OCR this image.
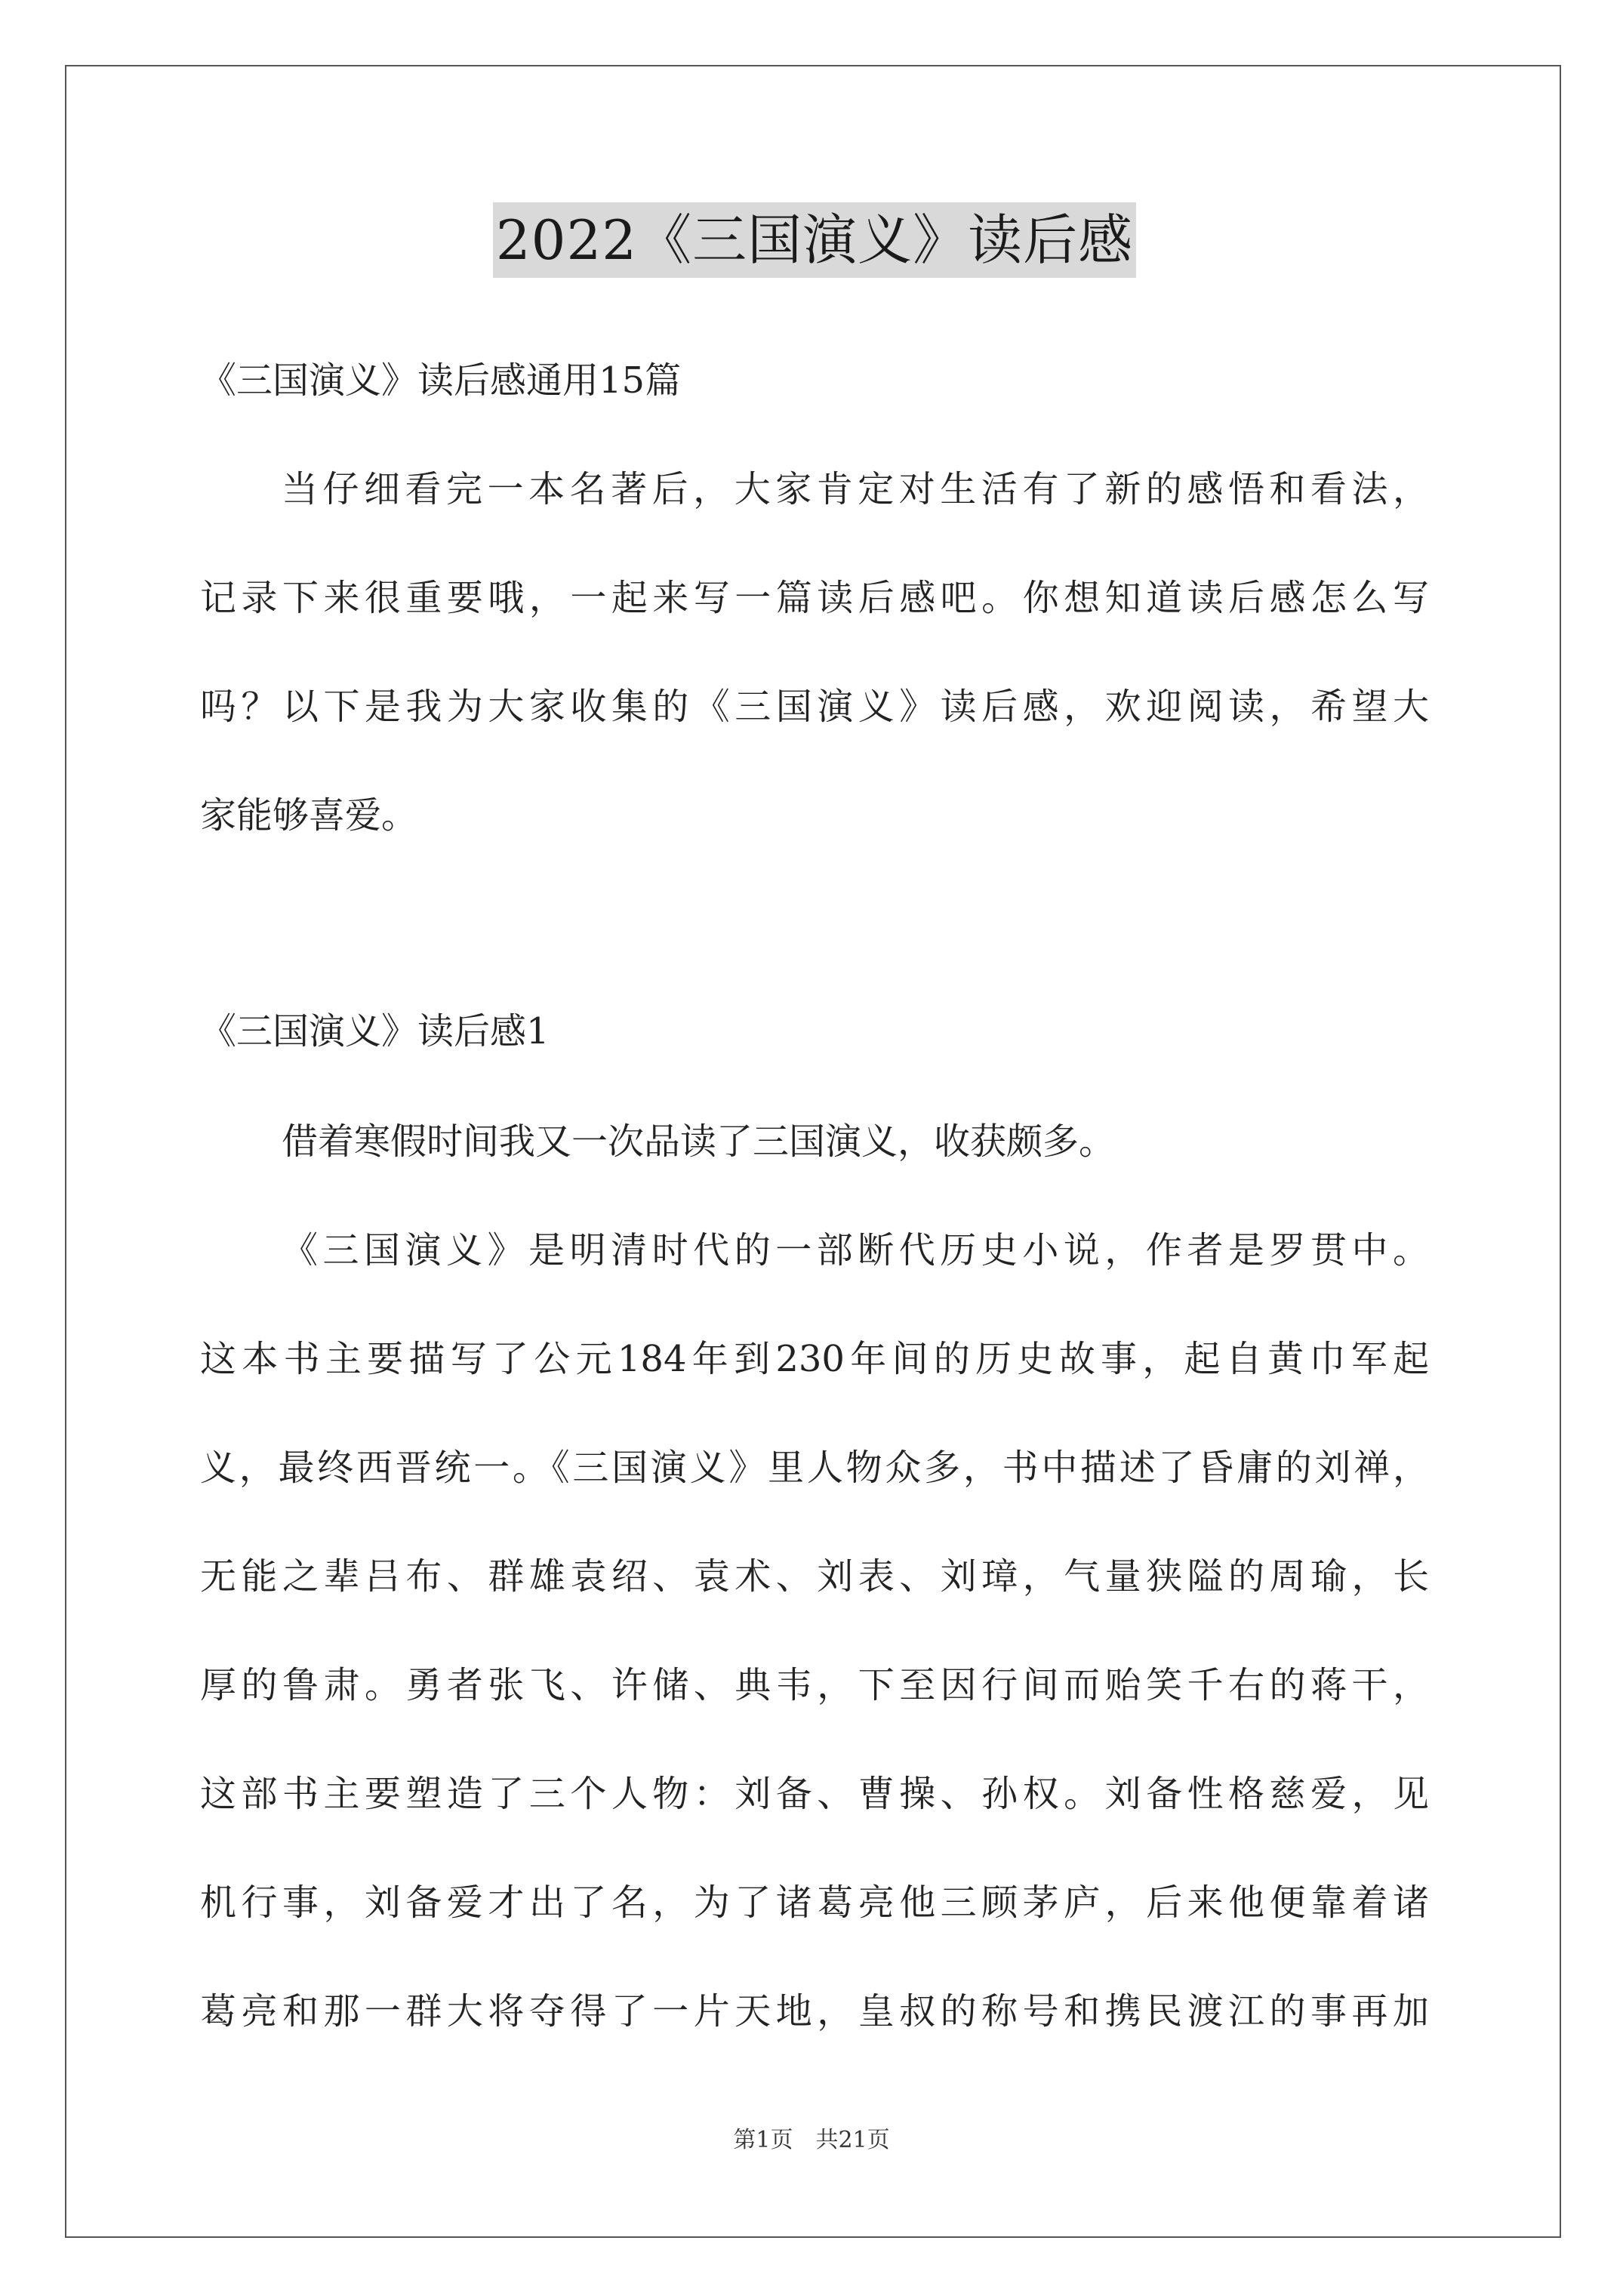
2022《三国演义》读后感
《三国演义》读后感通用15篇
当仔细看完一本名著后，大家肯定对生活有了新的感悟和看法，
记录下来很重要哦，一起来写一篇读后感吧。你想知道读后感怎么写
吗？以下是我为大家收集的《三国演义》读后感，欢迎阅读，希望大
家能够喜爱。
《三国演义》读后感1
借着寒假时间我又一次品读了三国演义，收获颇多。
《三国演义》是明清时代的一部断代历史小说，作者是罗贯中。
这本书主要描写了公元184年到230年间的历史故事，起自黄巾军起
义，最终西晋统一。《三国演义》里人物众多，书中描述了昏庸的刘禅，
无能之辈吕布、群雄袁绍、袁术、刘表、刘璋，气量狭隘的周瑜，长
厚的鲁肃。勇者张飞、许储、典韦，下至因行间而贻笑千右的蒋干，
这部书主要塑造了三个人物：刘备、曹操、孙权。刘备性格慈爱，见
机行事，刘备爱才出了名，为了诸葛亮他三顾茅庐，后来他便靠着诸
葛亮和那一群大将夺得了一片天地，皇叔的称号和携民渡江的事再加
第1页　共21页
